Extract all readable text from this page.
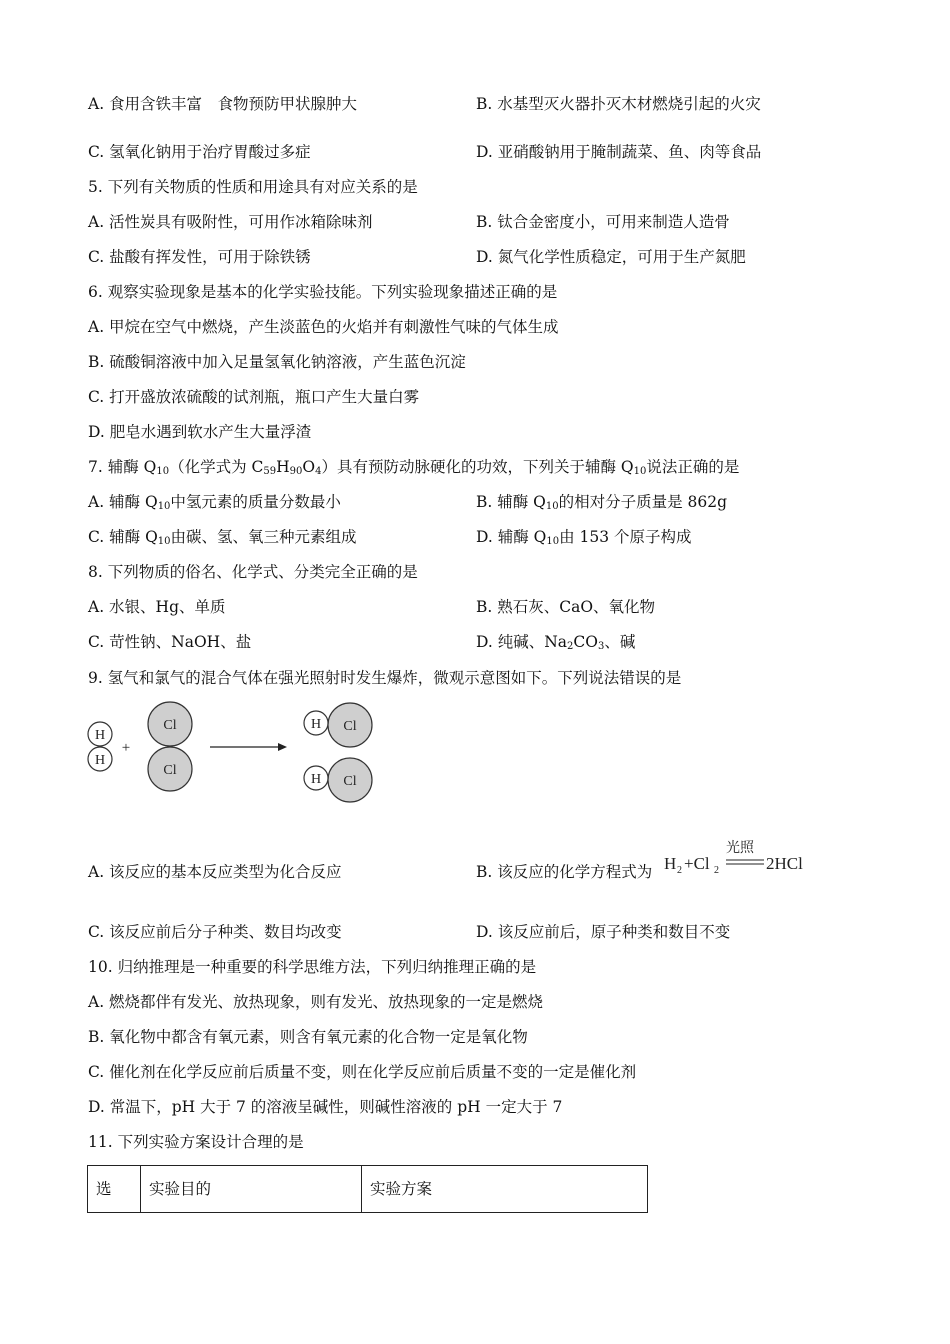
A. 食用含铁丰富　食物预防甲状腺肿大	B. 水基型灭火器扑灭木材燃烧引起的火灾
C. 氢氧化钠用于治疗胃酸过多症	D. 亚硝酸钠用于腌制蔬菜、鱼、肉等食品
5. 下列有关物质的性质和用途具有对应关系的是
A. 活性炭具有吸附性，可用作冰箱除味剂	B. 钛合金密度小，可用来制造人造骨
C. 盐酸有挥发性，可用于除铁锈	D. 氮气化学性质稳定，可用于生产氮肥
6. 观察实验现象是基本的化学实验技能。下列实验现象描述正确的是
A. 甲烷在空气中燃烧，产生淡蓝色的火焰并有刺激性气味的气体生成
B. 硫酸铜溶液中加入足量氢氧化钠溶液，产生蓝色沉淀
C. 打开盛放浓硫酸的试剂瓶，瓶口产生大量白雾
D. 肥皂水遇到软水产生大量浮渣
7. 辅酶 $Q_{10}$（化学式为 $C_{59}H_{90}O_4$）具有预防动脉硬化的功效，下列关于辅酶 $Q_{10}$说法正确的是
A. 辅酶 $Q_{10}$中氢元素的质量分数最小	B. 辅酶 $Q_{10}$的相对分子质量是 862g
C. 辅酶 $Q_{10}$由碳、氢、氧三种元素组成	D. 辅酶 $Q_{10}$由 153 个原子构成
8. 下列物质的俗名、化学式、分类完全正确的是
A. 水银、Hg、单质	B. 熟石灰、CaO、氧化物
C. 苛性钠、NaOH、盐	D. 纯碱、$Na_2CO_3$、碱
9. 氢气和氯气的混合气体在强光照射时发生爆炸，微观示意图如下。下列说法错误的是
H
H
+
Cl
Cl
H Cl
H Cl
A. 该反应的基本反应类型为化合反应	B. 该反应的化学方程式为 H 2 +Cl 2
光照
2HCl
C. 该反应前后分子种类、数目均改变	D. 该反应前后，原子种类和数目不变
10. 归纳推理是一种重要的科学思维方法，下列归纳推理正确的是
A. 燃烧都伴有发光、放热现象，则有发光、放热现象的一定是燃烧
B. 氧化物中都含有氧元素，则含有氧元素的化合物一定是氧化物
C. 催化剂在化学反应前后质量不变，则在化学反应前后质量不变的一定是催化剂
D. 常温下，pH 大于 7 的溶液呈碱性，则碱性溶液的 pH 一定大于 7
11. 下列实验方案设计合理的是
选	实验目的	实验方案
